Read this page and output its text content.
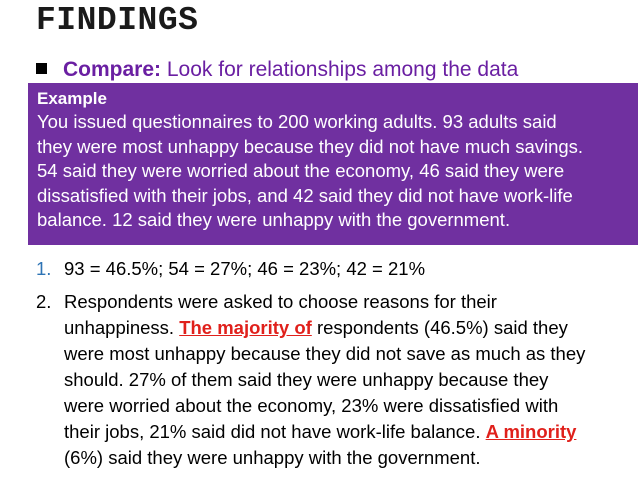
FINDINGS
Compare: Look for relationships among the data
Example
You issued questionnaires to 200 working adults. 93 adults said
they were most unhappy because they did not have much savings.
54 said they were worried about the economy, 46 said they were
dissatisfied with their jobs, and 42 said they did not have work-life
balance. 12 said they were unhappy with the government.
1. 93 = 46.5%; 54 = 27%; 46 = 23%; 42 = 21%
2. Respondents were asked to choose reasons for their
unhappiness. The majority of respondents (46.5%) said they
were most unhappy because they did not save as much as they
should. 27% of them said they were unhappy because they
were worried about the economy, 23% were dissatisfied with
their jobs, 21% said did not have work-life balance. A minority
(6%) said they were unhappy with the government.
